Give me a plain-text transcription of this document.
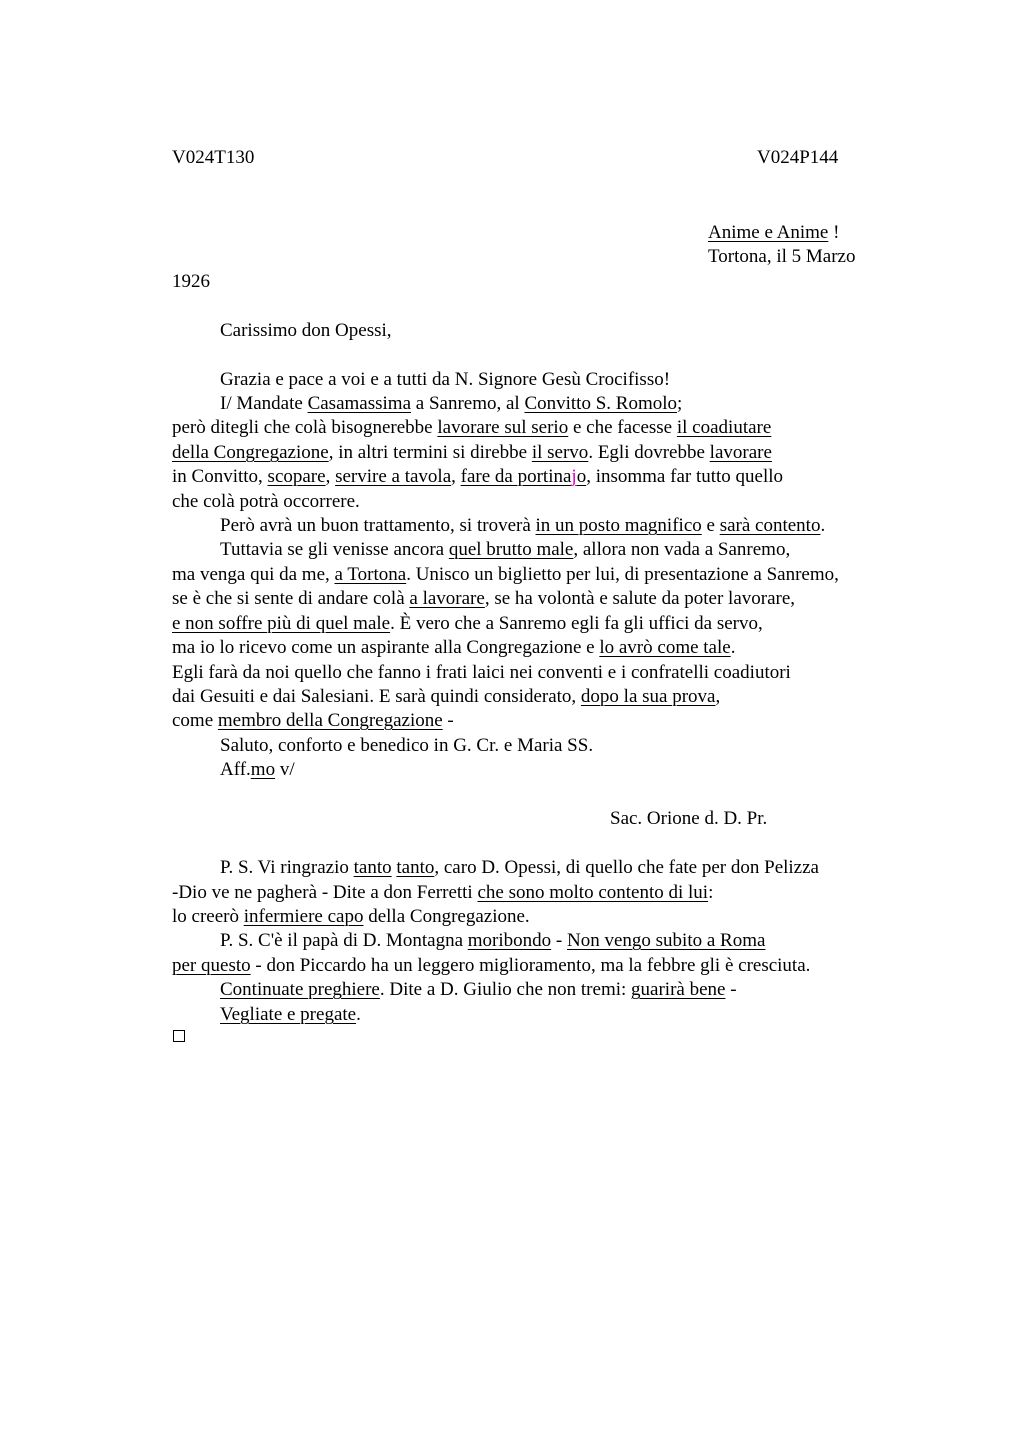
V024T130	V024P144
Anime e Anime !
Tortona, il 5 Marzo
1926
Carissimo don Opessi,
Grazia e pace a voi e a tutti da N. Signore Gesù Crocifisso!
I/ Mandate Casamassima a Sanremo, al Convitto S. Romolo;
però ditegli che colà bisognerebbe lavorare sul serio e che facesse il coadiutare
della Congregazione, in altri termini si direbbe il servo. Egli dovrebbe lavorare
in Convitto, scopare, servire a tavola, fare da portinajo, insomma far tutto quello
che colà potrà occorrere.
Però avrà un buon trattamento, si troverà in un posto magnifico e sarà contento.
Tuttavia se gli venisse ancora quel brutto male, allora non vada a Sanremo,
ma venga qui da me, a Tortona. Unisco un biglietto per lui, di presentazione a Sanremo,
se è che si sente di andare colà a lavorare, se ha volontà e salute da poter lavorare,
e non soffre più di quel male. È vero che a Sanremo egli fa gli uffici da servo,
ma io lo ricevo come un aspirante alla Congregazione e lo avrò come tale.
Egli farà da noi quello che fanno i frati laici nei conventi e i confratelli coadiutori
dai Gesuiti e dai Salesiani. E sarà quindi considerato, dopo la sua prova,
come membro della Congregazione -
Saluto, conforto e benedico in G. Cr. e Maria SS.
Aff.mo v/
Sac. Orione d. D. Pr.
P. S. Vi ringrazio tanto tanto, caro D. Opessi, di quello che fate per don Pelizza
-Dio ve ne pagherà - Dite a don Ferretti che sono molto contento di lui:
lo creerò infermiere capo della Congregazione.
P. S. C'è il papà di D. Montagna moribondo - Non vengo subito a Roma
per questo - don Piccardo ha un leggero miglioramento, ma la febbre gli è cresciuta.
Continuate preghiere. Dite a D. Giulio che non tremi: guarirà bene -
Vegliate e pregate.
